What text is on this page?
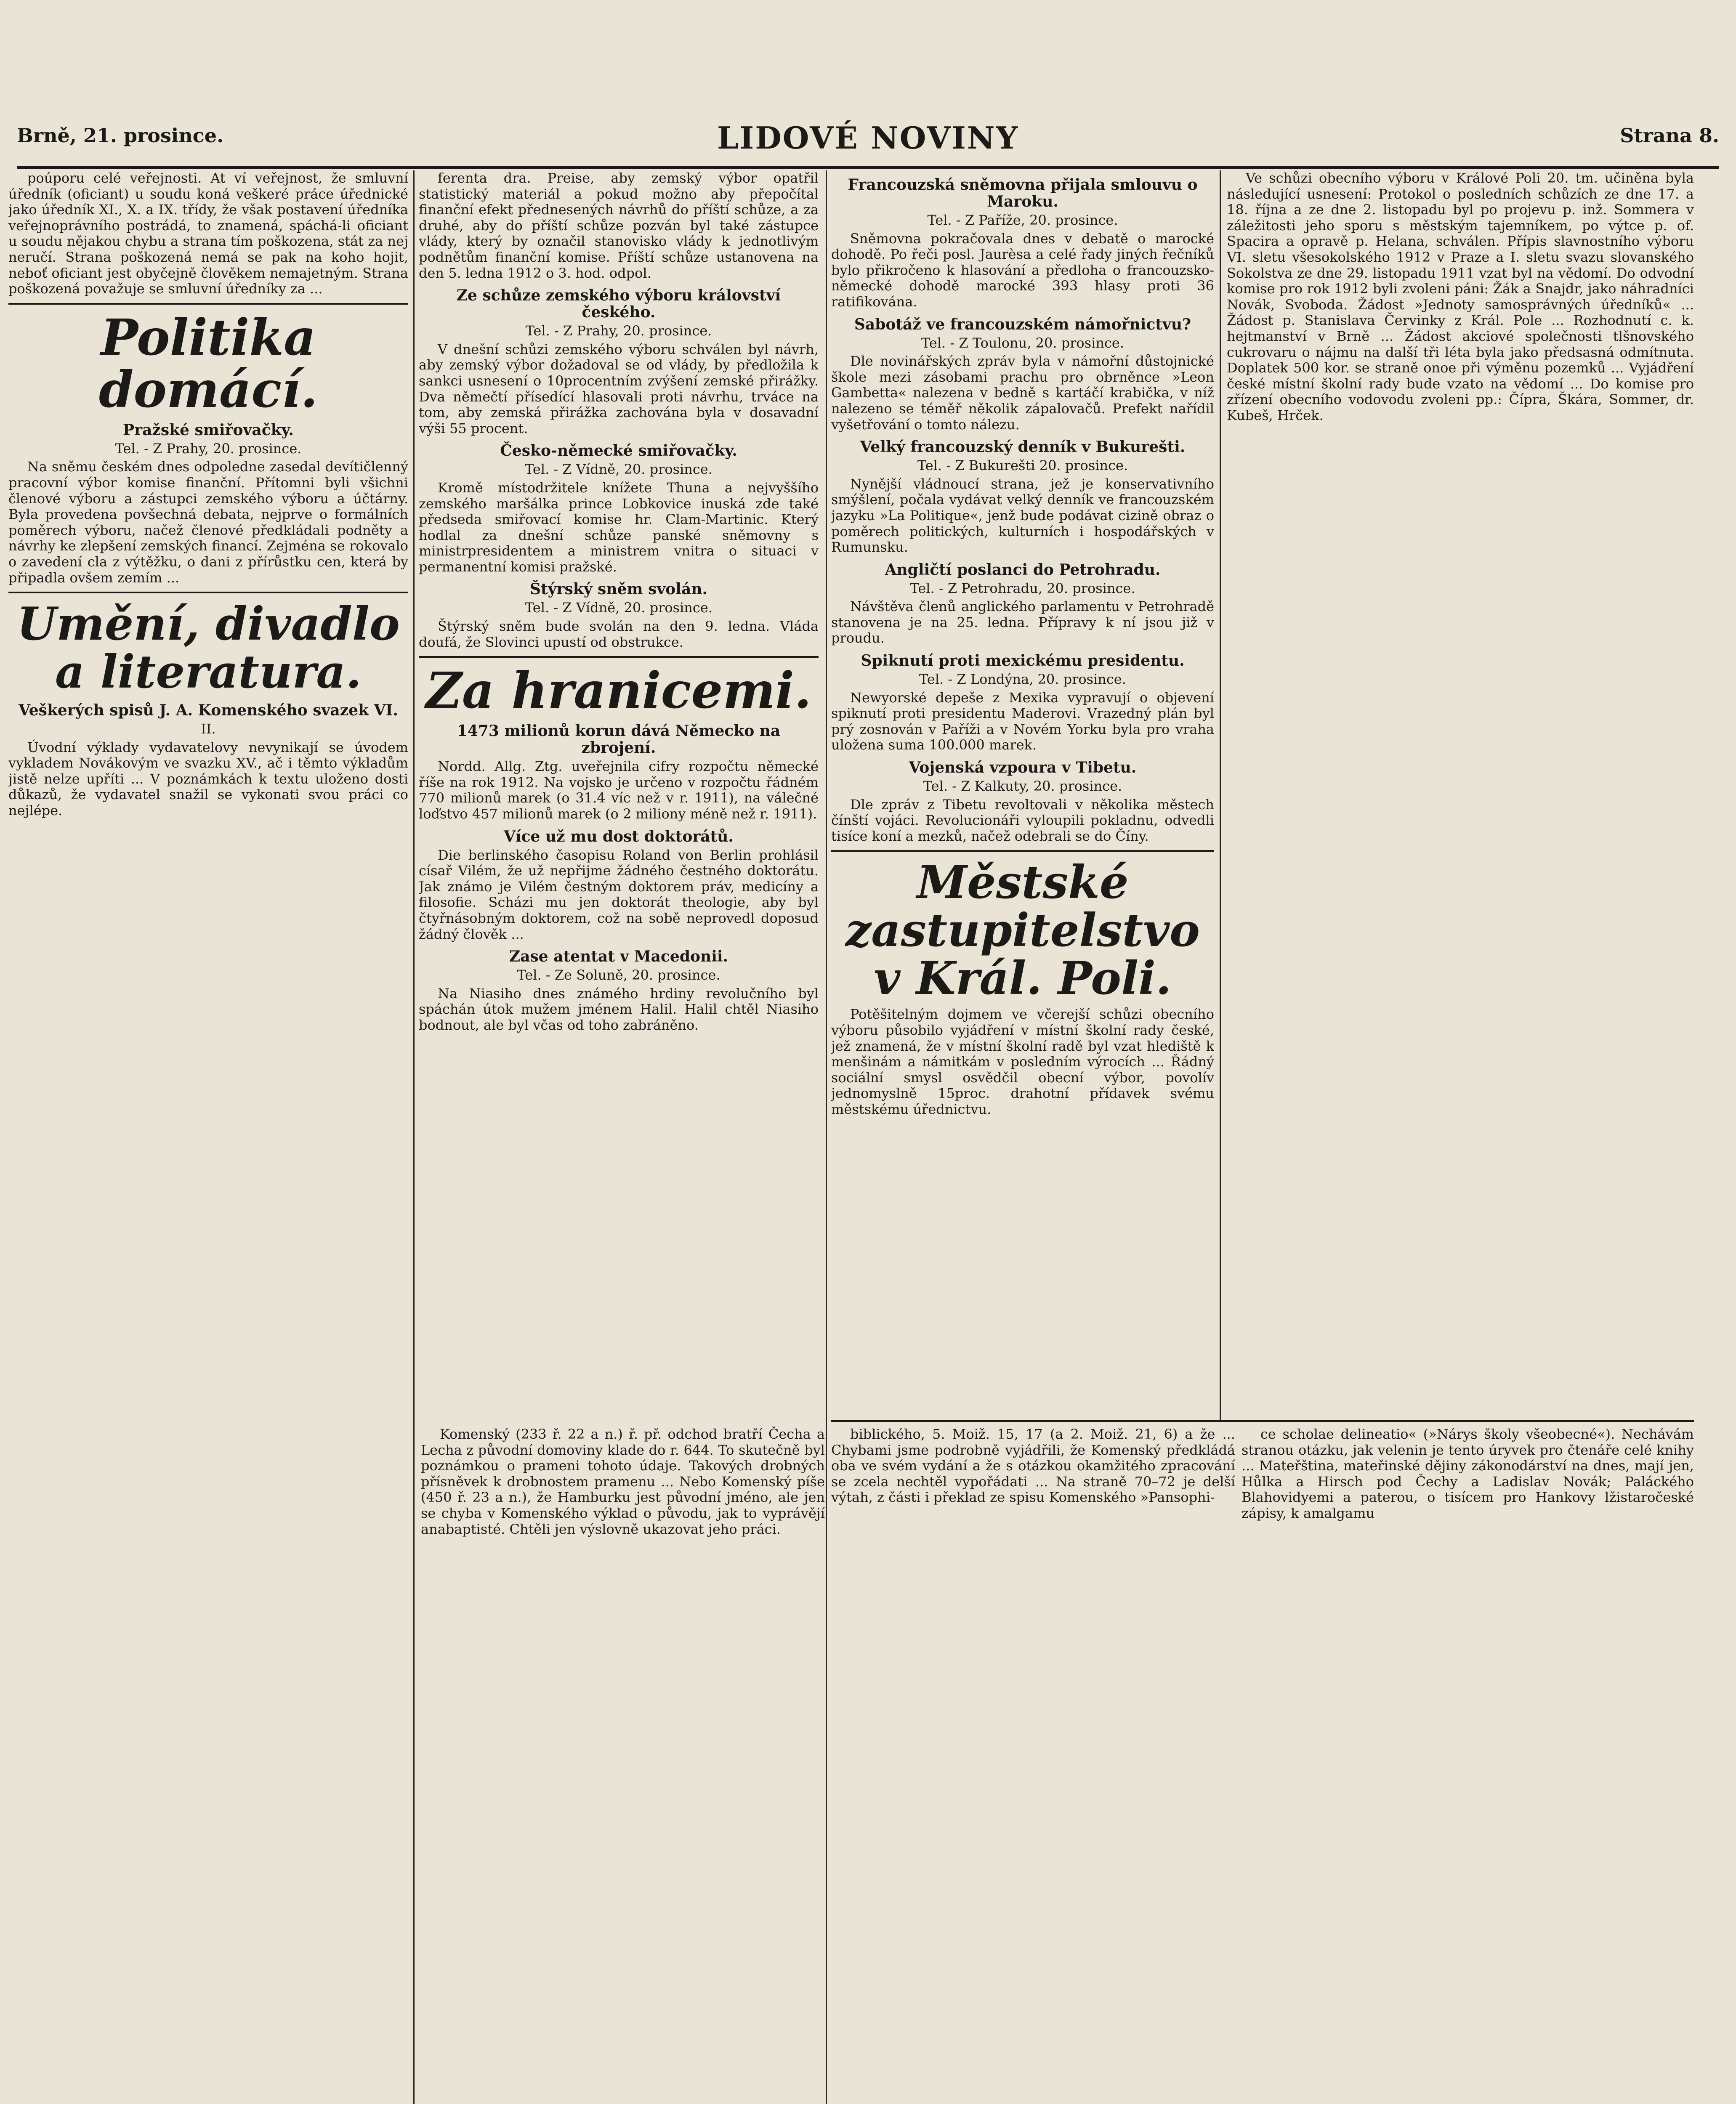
Brně, 21. prosince.	LIDOVÉ NOVINY	Strana 8.

poúporu celé veřejnosti. At ví veřejnost, že smluvní úředník (oficiant) u soudu koná veškeré práce úřednické jako úředník XI., X. a IX. třídy, že však postavení úředníka veřejnoprávního postrádá, to znamená, spáchá-li oficiant u soudu nějakou chybu a strana tím poškozena, stát za nej neručí. Strana poškozená nemá se pak na koho hojit, neboť oficiant jest obyčejně člověkem nemajetným. Strana poškozená považuje se smluvní úředníky za ...

Politika domácí.
Pražské smiřovačky.
Tel. - Z Prahy, 20. prosince.

Na sněmu českém dnes odpoledne zasedal devítičlenný pracovní výbor komise finanční. Přítomni byli všichni členové výboru a zástupci zemského výboru a účtárny. Byla provedena povšechná debata, nejprve o formálních poměrech výboru, načež členové předkládali podněty a návrhy ke zlepšení zemských financí. Zejména se rokovalo o zavedení cla z výtěžku, o dani z přírůstku cen, která by připadla ovšem zemím ...

Umění, divadlo a literatura.
Veškerých spisů J. A. Komenského svazek VI.
II.

Úvodní výklady vydavatelovy nevynikají se úvodem vykladem Novákovým ve svazku XV., ač i těmto výkladům jistě nelze upříti ... V poznámkách k textu uloženo dosti důkazů, že vydavatel snažil se vykonati svou práci co nejlépe.

ferenta dra. Preise, aby zemský výbor opatřil statistický materiál a pokud možno aby přepočítal finanční efekt přednesených návrhů do příští schůze, a za druhé, aby do příští schůze pozván byl také zástupce vlády, který by označil stanovisko vlády k jednotlivým podnětům finanční komise. Příští schůze ustanovena na den 5. ledna 1912 o 3. hod. odpol.

Ze schůze zemského výboru království českého.
Tel. - Z Prahy, 20. prosince.

V dnešní schůzi zemského výboru schválen byl návrh, aby zemský výbor dožadoval se od vlády, by předložila k sankci usnesení o 10procentním zvýšení zemské přirážky. Dva němečtí přísedící hlasovali proti návrhu, trváce na tom, aby zemská přirážka zachována byla v dosavadní výši 55 procent.

Česko-německé smiřovačky.
Tel. - Z Vídně, 20. prosince.

Kromě místodržitele knížete Thuna a nejvyššího zemského maršálka prince Lobkovice inuská zde také předseda smiřovací komise hr. Clam-Martinic. Který hodlal za dnešní schůze panské sněmovny s ministrpresidentem a ministrem vnitra o situaci v permanentní komisi pražské.

Štýrský sněm svolán.
Tel. - Z Vídně, 20. prosince.

Štýrský sněm bude svolán na den 9. ledna. Vláda doufá, že Slovinci upustí od obstrukce.

Za hranicemi.
1473 milionů korun dává Německo na zbrojení.

Nordd. Allg. Ztg. uveřejnila cifry rozpočtu německé říše na rok 1912. Na vojsko je určeno v rozpočtu řádném 770 milionů marek (o 31.4 víc než v r. 1911), na válečné loďstvo 457 milionů marek (o 2 miliony méně než r. 1911).

Více už mu dost doktorátů.

Die berlinského časopisu Roland von Berlin prohlásil císař Vilém, že už nepřijme žádného čestného doktorátu. Jak známo je Vilém čestným doktorem práv, medicíny a filosofie. Scházi mu jen doktorát theologie, aby byl čtyřnásobným doktorem, což na sobě neprovedl doposud žádný člověk ...

Zase atentat v Macedonii.
Tel. - Ze Soluně, 20. prosince.

Na Niasiho dnes známého hrdiny revolučního byl spáchán útok mužem jménem Halil. Halil chtěl Niasiho bodnout, ale byl včas od toho zabráněno.

Francouzská sněmovna přijala smlouvu o Maroku.
Tel. - Z Paříže, 20. prosince.

Sněmovna pokračovala dnes v debatě o marocké dohodě. Po řeči posl. Jaurèsa a celé řady jiných řečníků bylo přikročeno k hlasování a předloha o francouzsko-německé dohodě marocké 393 hlasy proti 36 ratifikována.

Sabotáž ve francouzském námořnictvu?
Tel. - Z Toulonu, 20. prosince.

Dle novinářských zpráv byla v námořní důstojnické škole mezi zásobami prachu pro obrněnce »Leon Gambetta« nalezena v bedně s kartáčí krabička, v níž nalezeno se téměř několik zápalovačů. Prefekt nařídil vyšetřování o tomto nálezu.

Velký francouzský denník v Bukurešti.
Tel. - Z Bukurešti 20. prosince.

Nynější vládnoucí strana, jež je konservativního smýšlení, počala vydávat velký denník ve francouzském jazyku »La Politique«, jenž bude podávat cizině obraz o poměrech politických, kulturních i hospodářských v Rumunsku.

Angličtí poslanci do Petrohradu.
Tel. - Z Petrohradu, 20. prosince.

Návštěva členů anglického parlamentu v Petrohradě stanovena je na 25. ledna. Přípravy k ní jsou již v proudu.

Spiknutí proti mexickému presidentu.
Tel. - Z Londýna, 20. prosince.

Newyorské depeše z Mexika vypravují o objevení spiknutí proti presidentu Maderovi. Vrazedný plán byl prý zosnován v Paříži a v Novém Yorku byla pro vraha uložena suma 100.000 marek.

Vojenská vzpoura v Tibetu.
Tel. - Z Kalkuty, 20. prosince.

Dle zpráv z Tibetu revoltovali v několika městech čínští vojáci. Revolucionáři vyloupili pokladnu, odvedli tisíce koní a mezků, načež odebrali se do Číny.

Městské zastupitelstvo v Král. Poli.

Potěšitelným dojmem ve včerejší schůzi obecního výboru působilo vyjádření v místní školní rady české, jež znamená, že v místní školní radě byl vzat hlediště k menšinám a námitkám v posledním výrocích ... Řádný sociální smysl osvědčil obecní výbor, povolív jednomyslně 15proc. drahotní přídavek svému městskému úřednictvu.

Ve schůzi obecního výboru v Králové Poli 20. tm. učiněna byla následující usnesení: Protokol o posledních schůzích ze dne 17. a 18. října a ze dne 2. listopadu byl po projevu p. inž. Sommera v záležitosti jeho sporu s městským tajemníkem, po výtce p. of. Spacira a opravě p. Helana, schválen. Přípis slavnostního výboru VI. sletu všesokolského 1912 v Praze a I. sletu svazu slovanského Sokolstva ze dne 29. listopadu 1911 vzat byl na vědomí. Do odvodní komise pro rok 1912 byli zvoleni páni: Žák a Snajdr, jako náhradníci Novák, Svoboda. Žádost »Jednoty samosprávných úředníků« ... Žádost p. Stanislava Červinky z Král. Pole ... Rozhodnutí c. k. hejtmanství v Brně ... Žádost akciové společnosti tlšnovského cukrovaru o nájmu na další tři léta byla jako předsasná odmítnuta. Doplatek 500 kor. se straně onoe při výměnu pozemků ... Vyjádření české místní školní rady bude vzato na vědomí ... Do komise pro zřízení obecního vodovodu zvoleni pp.: Čípra, Škára, Sommer, dr. Kubeš, Hrček.

Komenský (233 ř. 22 a n.) ř. př. odchod bratří Čecha a Lecha z původní domoviny klade do r. 644. To skutečně byl poznámkou o prameni tohoto údaje. Takových drobných přísněvek k drobnostem pramenu ... Nebo Komenský píše (450 ř. 23 a n.), že Hamburku jest původní jméno, ale jen se chyba v Komenského výklad o původu, jak to vyprávějí anabaptisté. Chtěli jen výslovně ukazovat jeho práci.

biblického, 5. Moiž. 15, 17 (a 2. Moiž. 21, 6) a že ... Chybami jsme podrobně vyjádřili, že Komenský předkládá oba ve svém vydání a že s otázkou okamžitého zpracování se zcela nechtěl vypořádati ... Na straně 70–72 je delší výtah, z části i překlad ze spisu Komenského »Pansophi-

ce scholae delineatio« (»Nárys školy všeobecné«). Nechávám stranou otázku, jak velenin je tento úryvek pro čtenáře celé knihy ... Mateřština, mateřinské dějiny zákonodárství na dnes, mají jen, Hůlka a Hirsch pod Čechy a Ladislav Novák; Paláckého Blahovidyemi a paterou, o tisícem pro Hankovy lžistaročeské zápisy, k amalgamu
